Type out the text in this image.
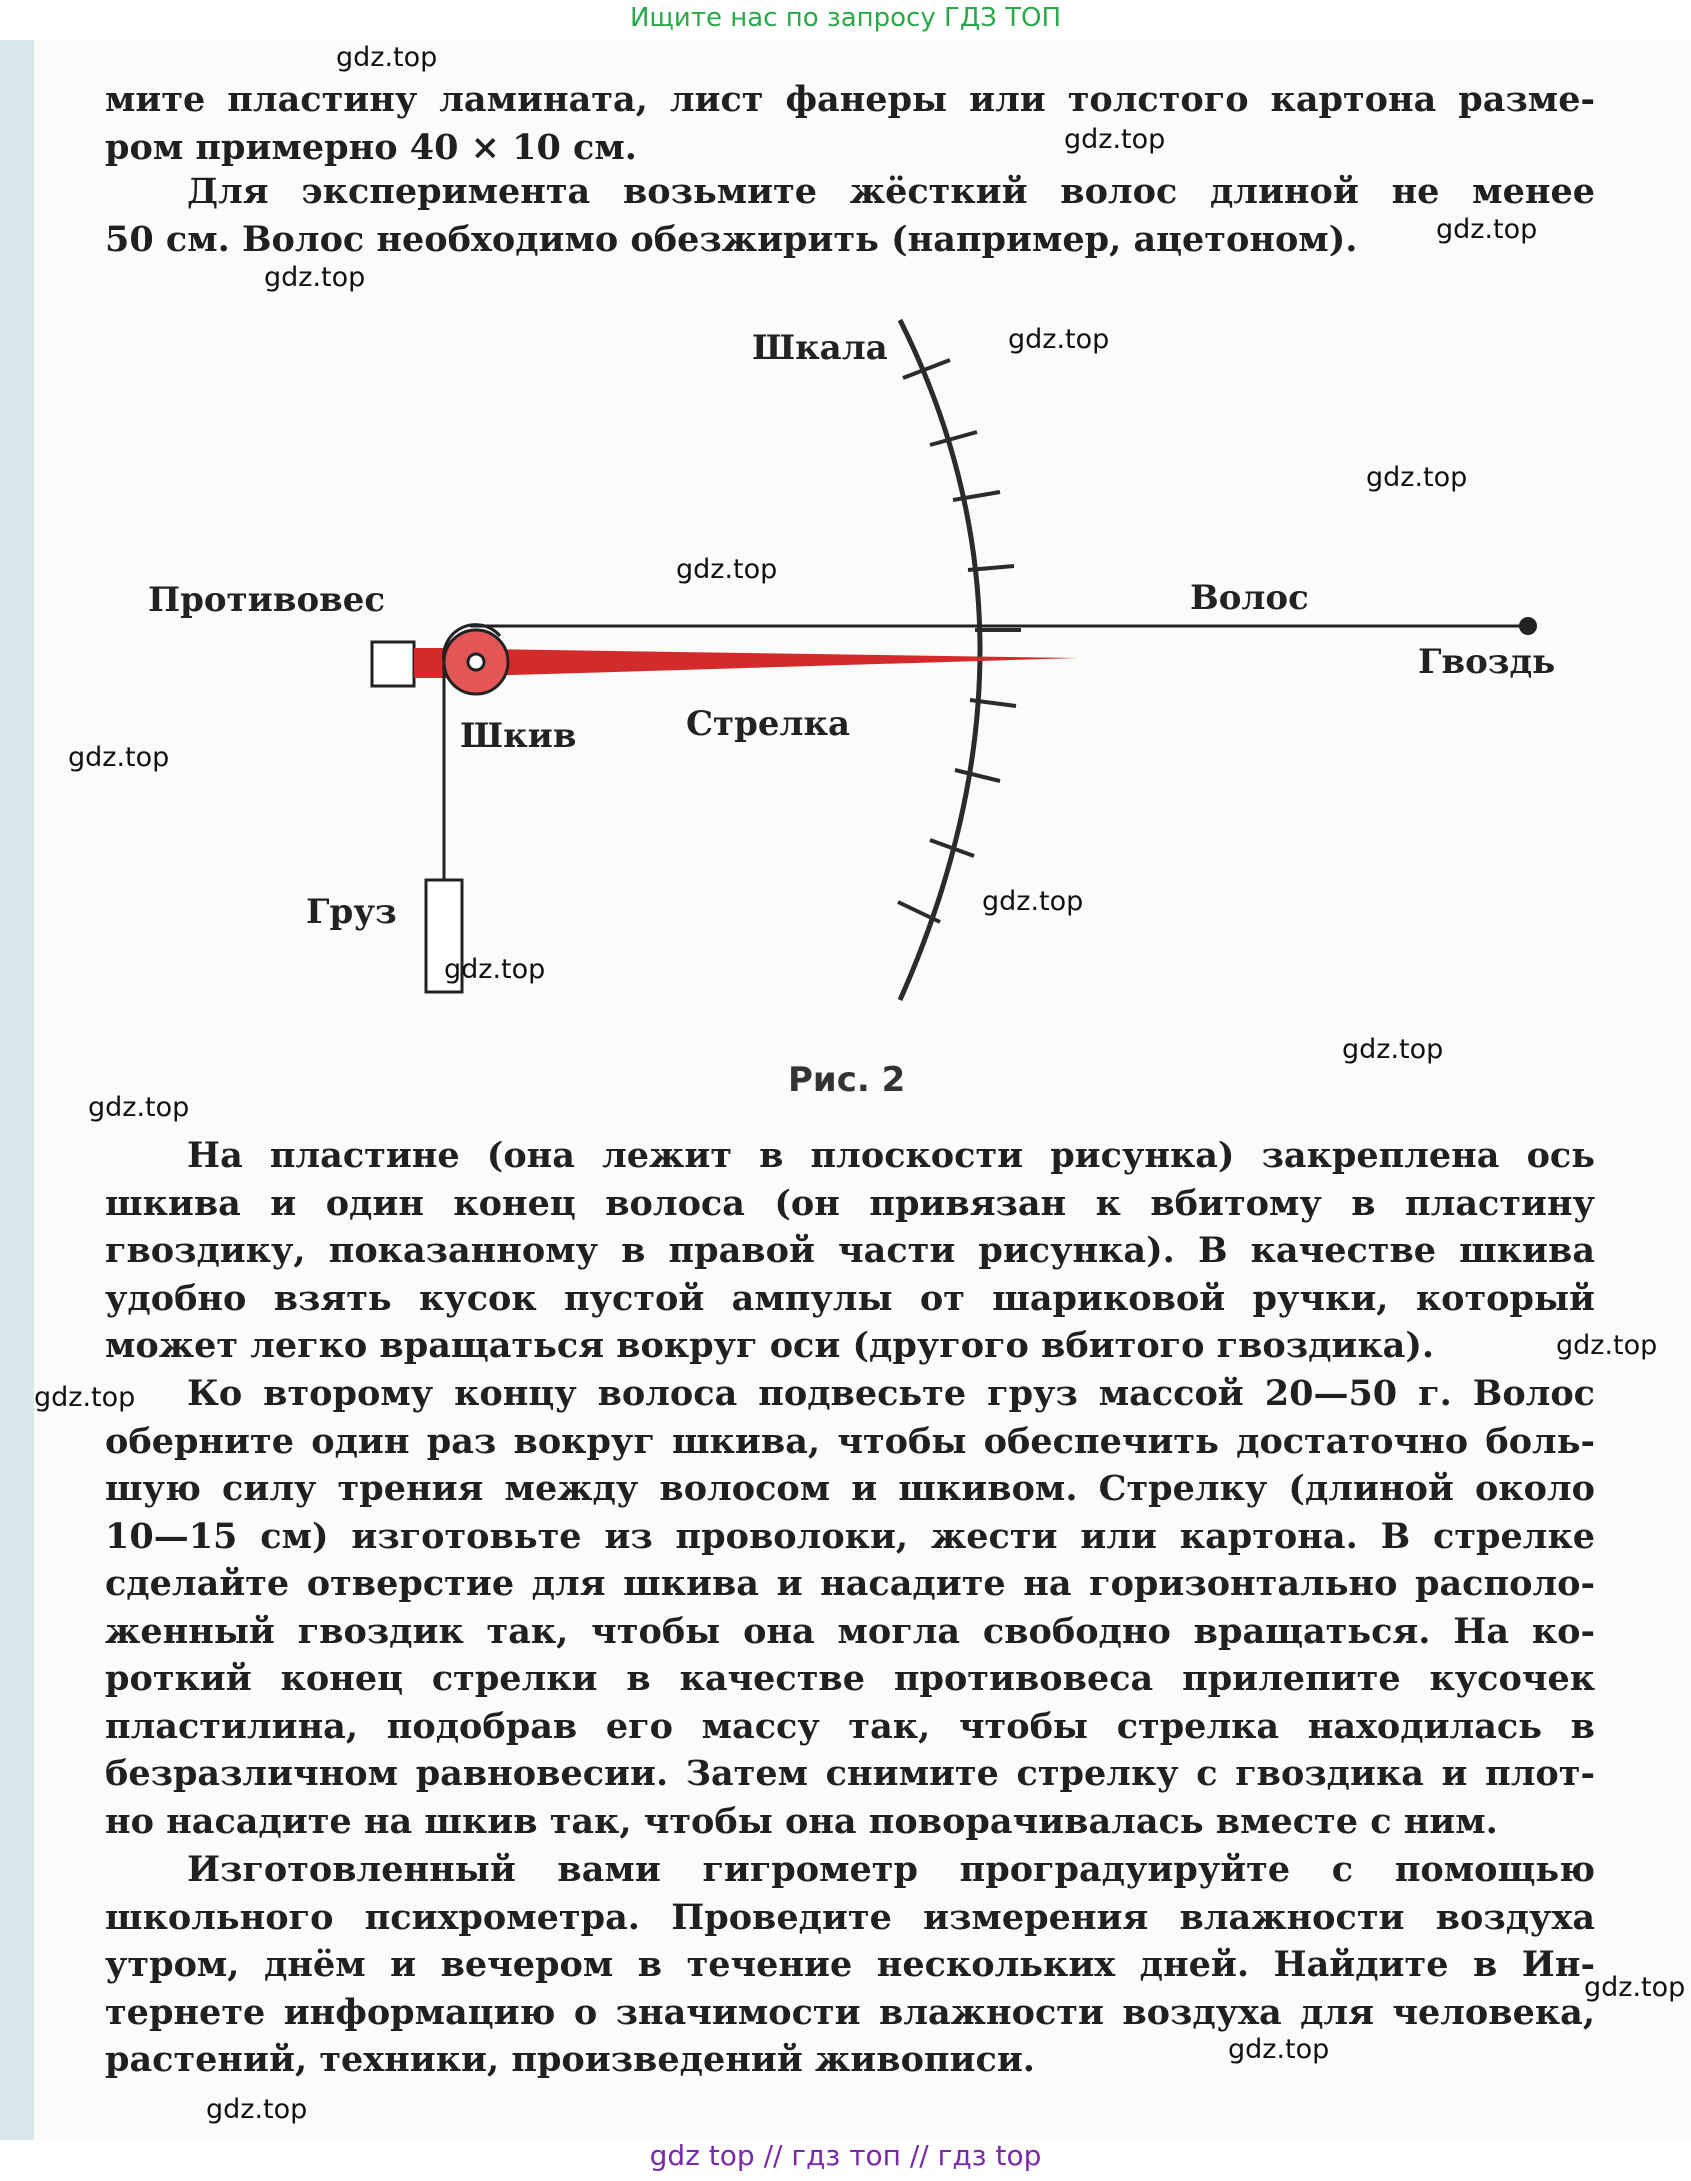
Ищите нас по запросу ГДЗ ТОП
мите пластину ламината, лист фанеры или толстого картона разме-
ром примерно 40 × 10 см.
Для эксперимента возьмите жёсткий волос длиной не менее
50 см. Волос необходимо обезжирить (например, ацетоном).
Шкала
Волос
Противовес
Гвоздь
Шкив	Стрелка
Груз
Рис. 2
На пластине (она лежит в плоскости рисунка) закреплена ось
шкива и один конец волоса (он привязан к вбитому в пластину
гвоздику, показанному в правой части рисунка). В качестве шкива
удобно взять кусок пустой ампулы от шариковой ручки, который
может легко вращаться вокруг оси (другого вбитого гвоздика).
Ко второму концу волоса подвесьте груз массой 20—50 г. Волос
оберните один раз вокруг шкива, чтобы обеспечить достаточно боль-
шую силу трения между волосом и шкивом. Стрелку (длиной около
10—15 см) изготовьте из проволоки, жести или картона. В стрелке
сделайте отверстие для шкива и насадите на горизонтально располо-
женный гвоздик так, чтобы она могла свободно вращаться. На ко-
роткий конец стрелки в качестве противовеса прилепите кусочек
пластилина, подобрав его массу так, чтобы стрелка находилась в
безразличном равновесии. Затем снимите стрелку с гвоздика и плот-
но насадите на шкив так, чтобы она поворачивалась вместе с ним.
Изготовленный вами гигрометр проградуируйте с помощью
школьного психрометра. Проведите измерения влажности воздуха
утром, днём и вечером в течение нескольких дней. Найдите в Ин-
тернете информацию о значимости влажности воздуха для человека,
растений, техники, произведений живописи.
gdz.top
gdz.top
gdz.top
gdz.top
gdz.top
gdz.top
gdz.top
gdz.top
gdz.top
gdz.top
gdz.top
gdz.top
gdz.top
gdz.top
gdz.top
gdz.top
gdz.top
gdz top // гдз топ // гдз top
